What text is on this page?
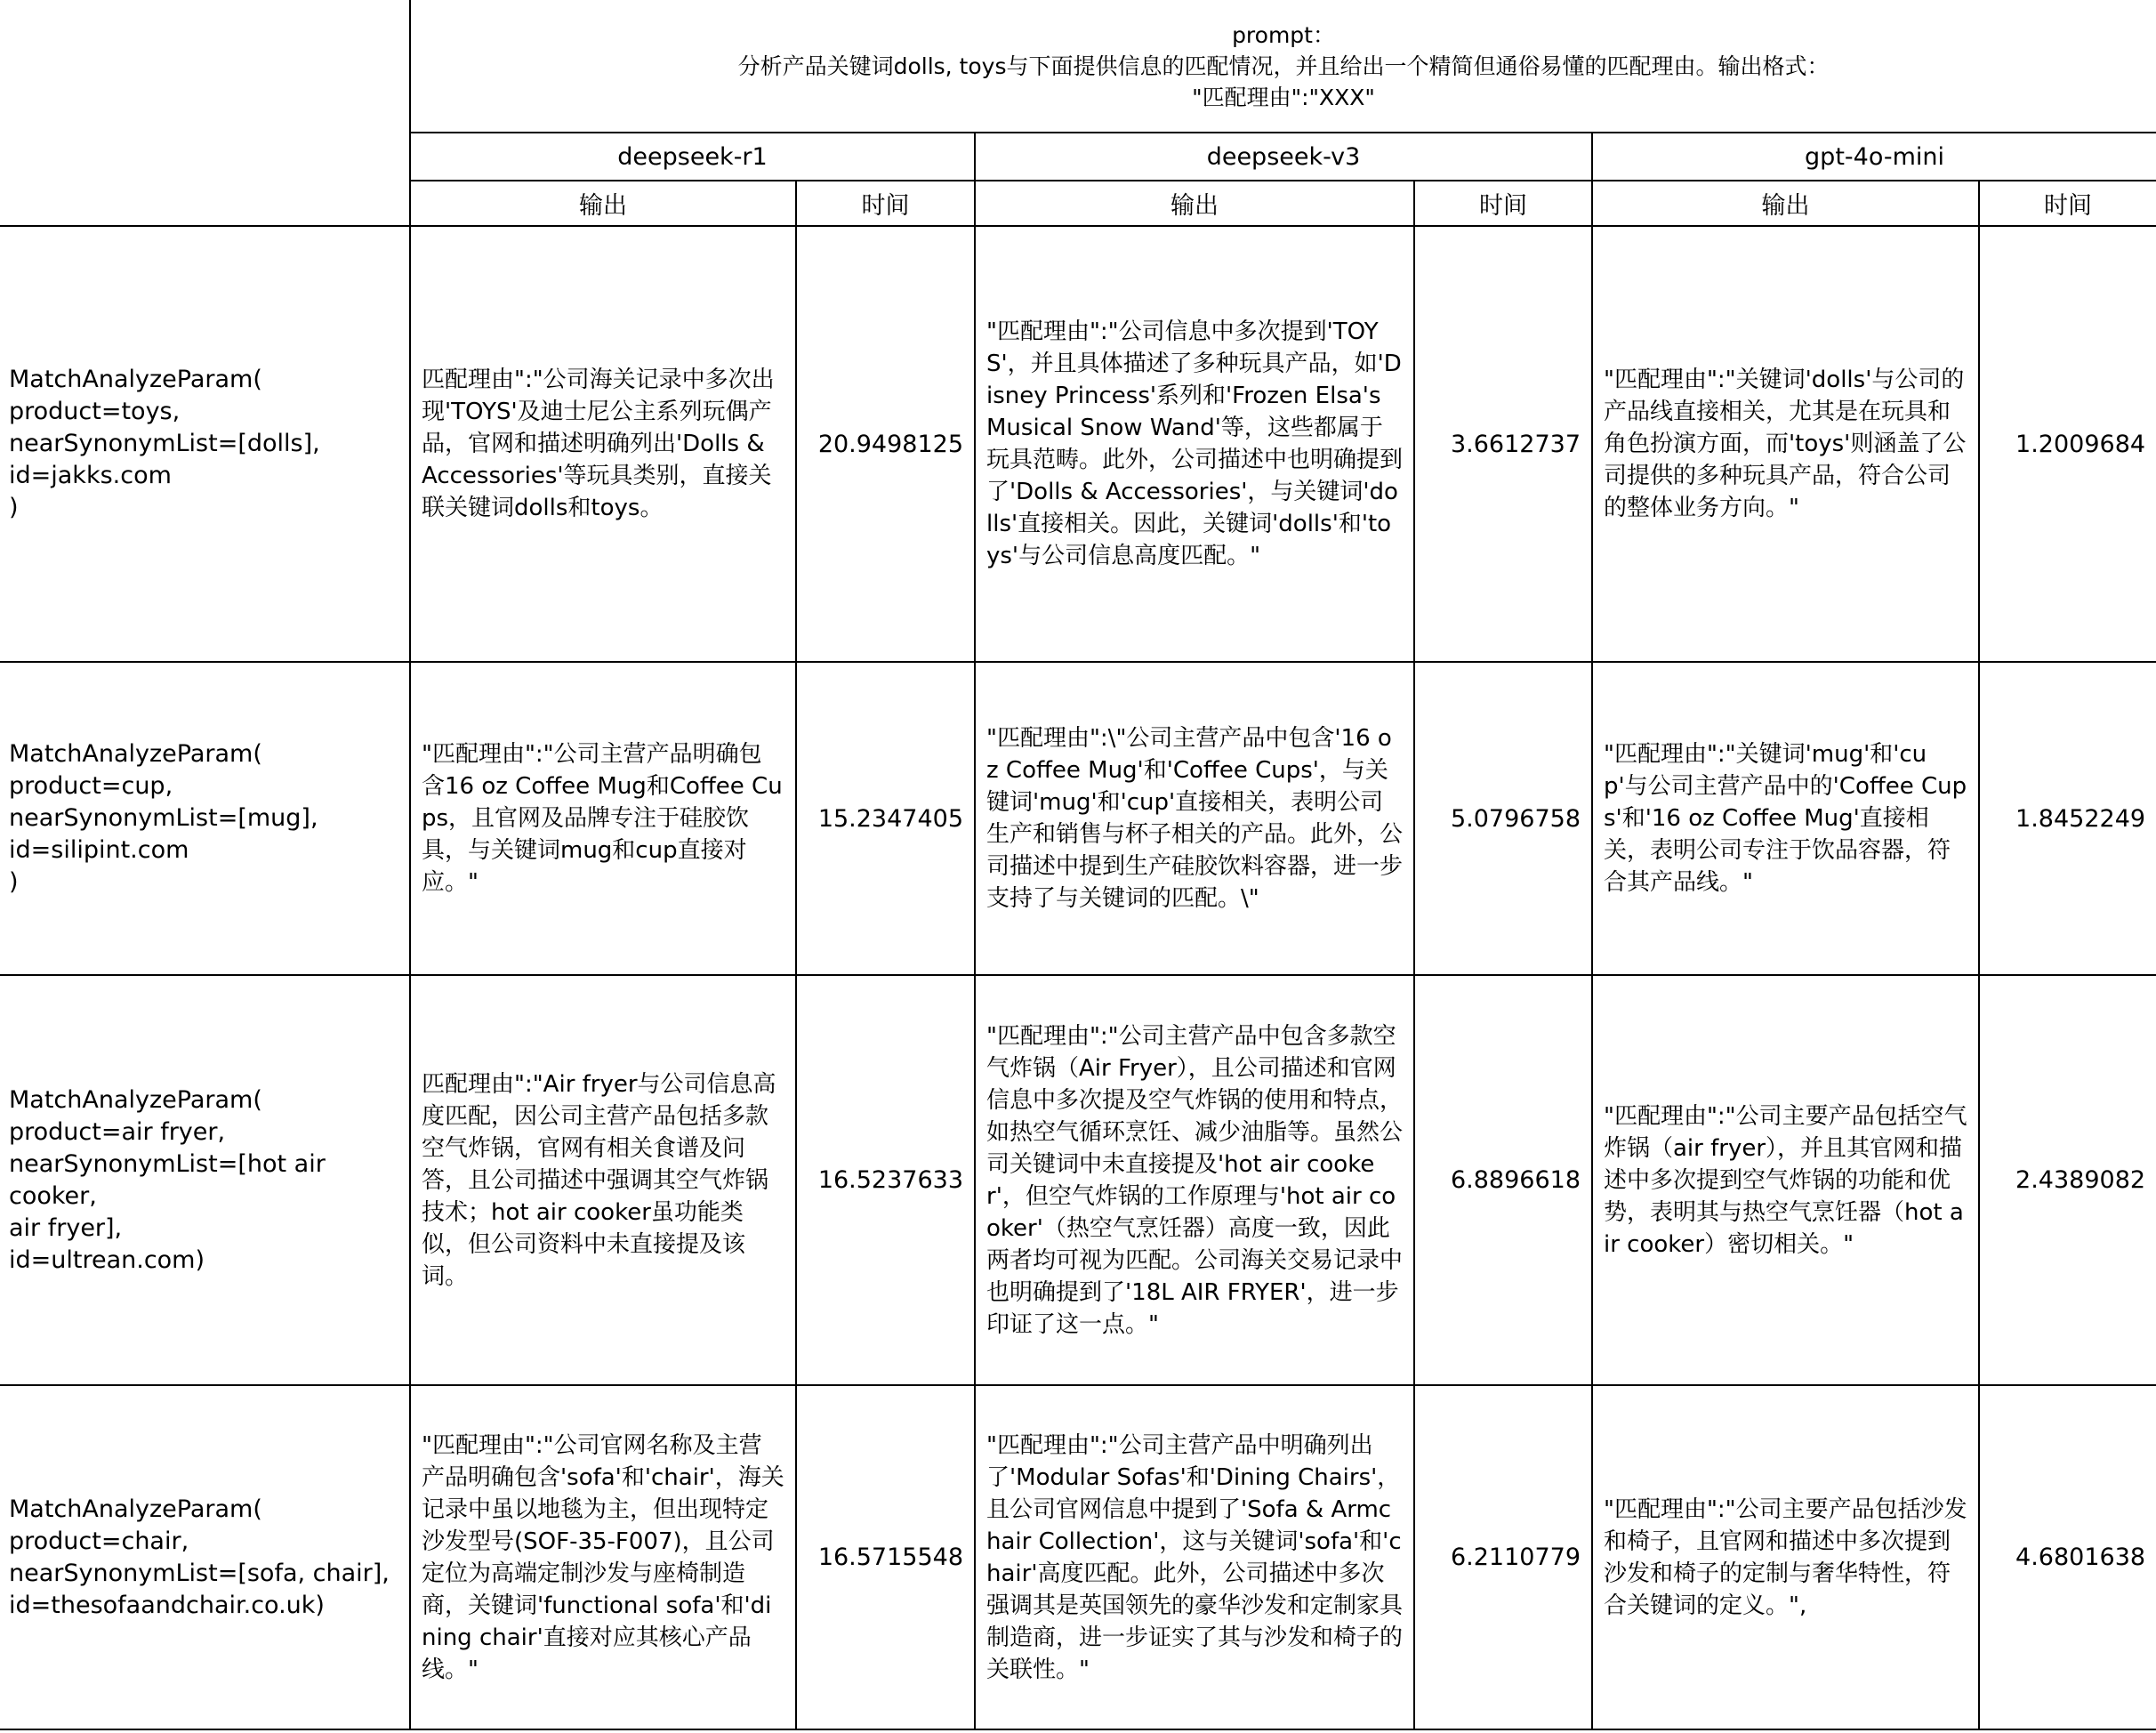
	prompt：
分析产品关键词dolls, toys与下面提供信息的匹配情况，并且给出一个精简但通俗易懂的匹配理由。输出格式：
"匹配理由":"XXX"					

	deepseek-r1		deepseek-v3		gpt-4o-mini	
	输出	时间	输出	时间	输出	时间
MatchAnalyzeParam(
product=toys,
nearSynonymList=[dolls],
id=jakks.com
)	匹配理由":"公司海关记录中多次出现'TOYS'及迪士尼公主系列玩偶产品，官网和描述明确列出'Dolls & Accessories'等玩具类别，直接关联关键词dolls和toys。	20.9498125	"匹配理由":"公司信息中多次提到'TOYS'，并且具体描述了多种玩具产品，如'Disney Princess'系列和'Frozen Elsa's Musical Snow Wand'等，这些都属于玩具范畴。此外，公司描述中也明确提到了'Dolls & Accessories'，与关键词'dolls'直接相关。因此，关键词'dolls'和'toys'与公司信息高度匹配。"	3.6612737	"匹配理由":"关键词'dolls'与公司的产品线直接相关，尤其是在玩具和角色扮演方面，而'toys'则涵盖了公司提供的多种玩具产品，符合公司的整体业务方向。"	1.2009684
MatchAnalyzeParam(
product=cup,
nearSynonymList=[mug],
id=silipint.com
)	"匹配理由":"公司主营产品明确包含16 oz Coffee Mug和Coffee Cups，且官网及品牌专注于硅胶饮具，与关键词mug和cup直接对应。"	15.2347405	"匹配理由":\"公司主营产品中包含'16 oz Coffee Mug'和'Coffee Cups'，与关键词'mug'和'cup'直接相关，表明公司生产和销售与杯子相关的产品。此外，公司描述中提到生产硅胶饮料容器，进一步支持了与关键词的匹配。\"	5.0796758	"匹配理由":"关键词'mug'和'cup'与公司主营产品中的'Coffee Cups'和'16 oz Coffee Mug'直接相关，表明公司专注于饮品容器，符合其产品线。"	1.8452249
MatchAnalyzeParam(
product=air fryer,
nearSynonymList=[hot air cooker,
air fryer],
id=ultrean.com)	匹配理由":"Air fryer与公司信息高度匹配，因公司主营产品包括多款空气炸锅，官网有相关食谱及问答，且公司描述中强调其空气炸锅技术；hot air cooker虽功能类似，但公司资料中未直接提及该词。	16.5237633	"匹配理由":"公司主营产品中包含多款空气炸锅（Air Fryer），且公司描述和官网信息中多次提及空气炸锅的使用和特点，如热空气循环烹饪、减少油脂等。虽然公司关键词中未直接提及'hot air cooker'，但空气炸锅的工作原理与'hot air cooker'（热空气烹饪器）高度一致，因此两者均可视为匹配。公司海关交易记录中也明确提到了'18L AIR FRYER'，进一步印证了这一点。"	6.8896618	"匹配理由":"公司主要产品包括空气炸锅（air fryer），并且其官网和描述中多次提到空气炸锅的功能和优势，表明其与热空气烹饪器（hot air cooker）密切相关。"	2.4389082
MatchAnalyzeParam(
product=chair,
nearSynonymList=[sofa, chair],
id=thesofaandchair.co.uk)	"匹配理由":"公司官网名称及主营产品明确包含'sofa'和'chair'，海关记录中虽以地毯为主，但出现特定沙发型号(SOF-35-F007)，且公司定位为高端定制沙发与座椅制造商，关键词'functional sofa'和'dining chair'直接对应其核心产品线。"	16.5715548	"匹配理由":"公司主营产品中明确列出了'Modular Sofas'和'Dining Chairs'，且公司官网信息中提到了'Sofa & Armchair Collection'，这与关键词'sofa'和'chair'高度匹配。此外，公司描述中多次强调其是英国领先的豪华沙发和定制家具制造商，进一步证实了其与沙发和椅子的关联性。"	6.2110779	"匹配理由":"公司主要产品包括沙发和椅子，且官网和描述中多次提到沙发和椅子的定制与奢华特性，符合关键词的定义。",	4.6801638
